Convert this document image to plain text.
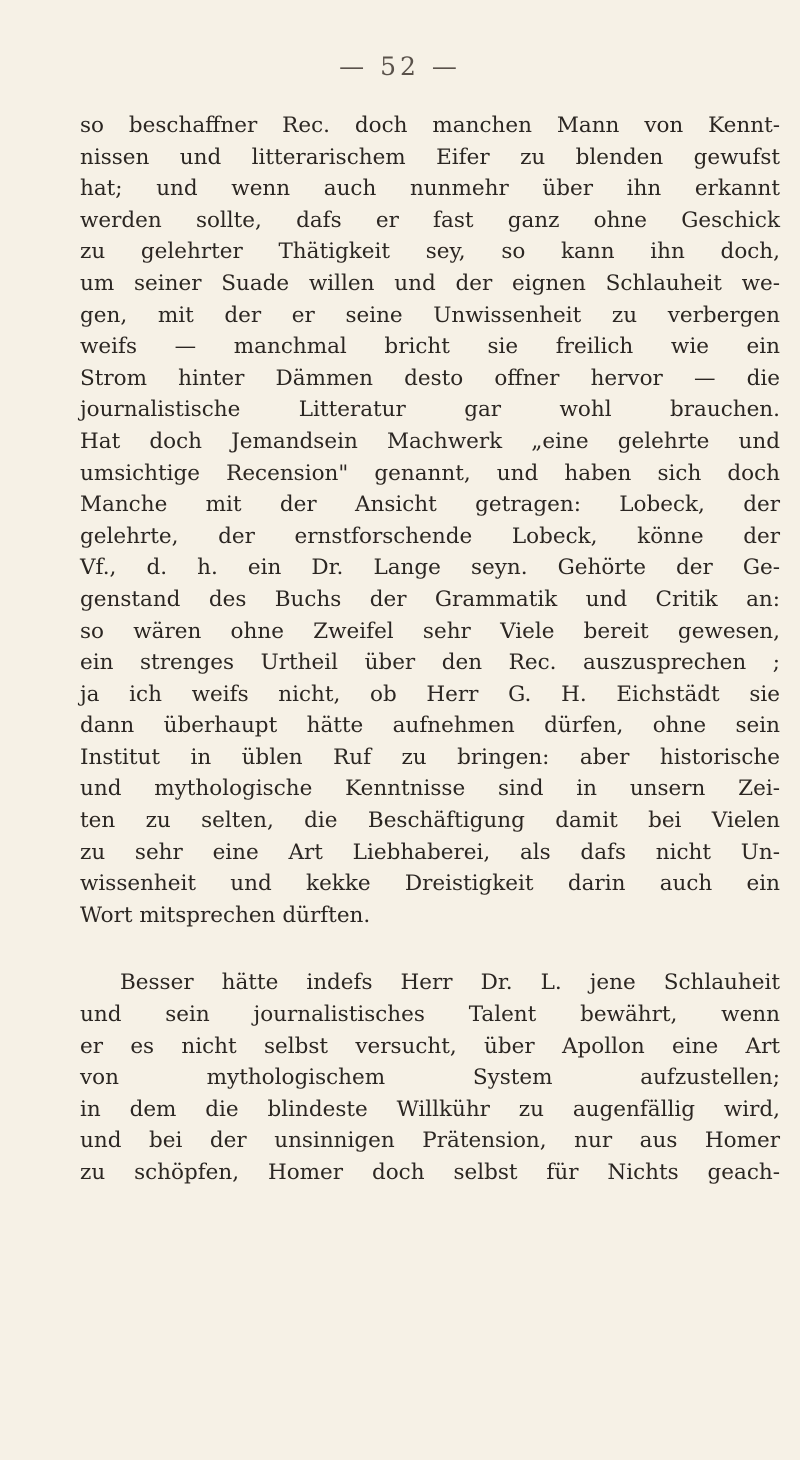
— 52 —
so beschaffner Rec. doch manchen Mann von Kennt-
nissen und litterarischem Eifer zu blenden gewufst
hat; und wenn auch nunmehr über ihn erkannt
werden sollte, dafs er fast ganz ohne Geschick
zu gelehrter Thätigkeit sey, so kann ihn doch,
um seiner Suade willen und der eignen Schlauheit we-
gen, mit der er seine Unwissenheit zu verbergen
weifs — manchmal bricht sie freilich wie ein
Strom hinter Dämmen desto offner hervor — die
journalistische Litteratur gar wohl brauchen.
Hat doch Jemandsein Machwerk „eine gelehrte und
umsichtige Recension" genannt, und haben sich doch
Manche mit der Ansicht getragen: Lobeck, der
gelehrte, der ernstforschende Lobeck, könne der
Vf., d. h. ein Dr. Lange seyn. Gehörte der Ge-
genstand des Buchs der Grammatik und Critik an:
so wären ohne Zweifel sehr Viele bereit gewesen,
ein strenges Urtheil über den Rec. auszusprechen ;
ja ich weifs nicht, ob Herr G. H. Eichstädt sie
dann überhaupt hätte aufnehmen dürfen, ohne sein
Institut in üblen Ruf zu bringen: aber historische
und mythologische Kenntnisse sind in unsern Zei-
ten zu selten, die Beschäftigung damit bei Vielen
zu sehr eine Art Liebhaberei, als dafs nicht Un-
wissenheit und kekke Dreistigkeit darin auch ein
Wort mitsprechen dürften.
Besser hätte indefs Herr Dr. L. jene Schlauheit
und sein journalistisches Talent bewährt, wenn
er es nicht selbst versucht, über Apollon eine Art
von mythologischem System aufzustellen;
in dem die blindeste Willkühr zu augenfällig wird,
und bei der unsinnigen Prätension, nur aus Homer
zu schöpfen, Homer doch selbst für Nichts geach-
